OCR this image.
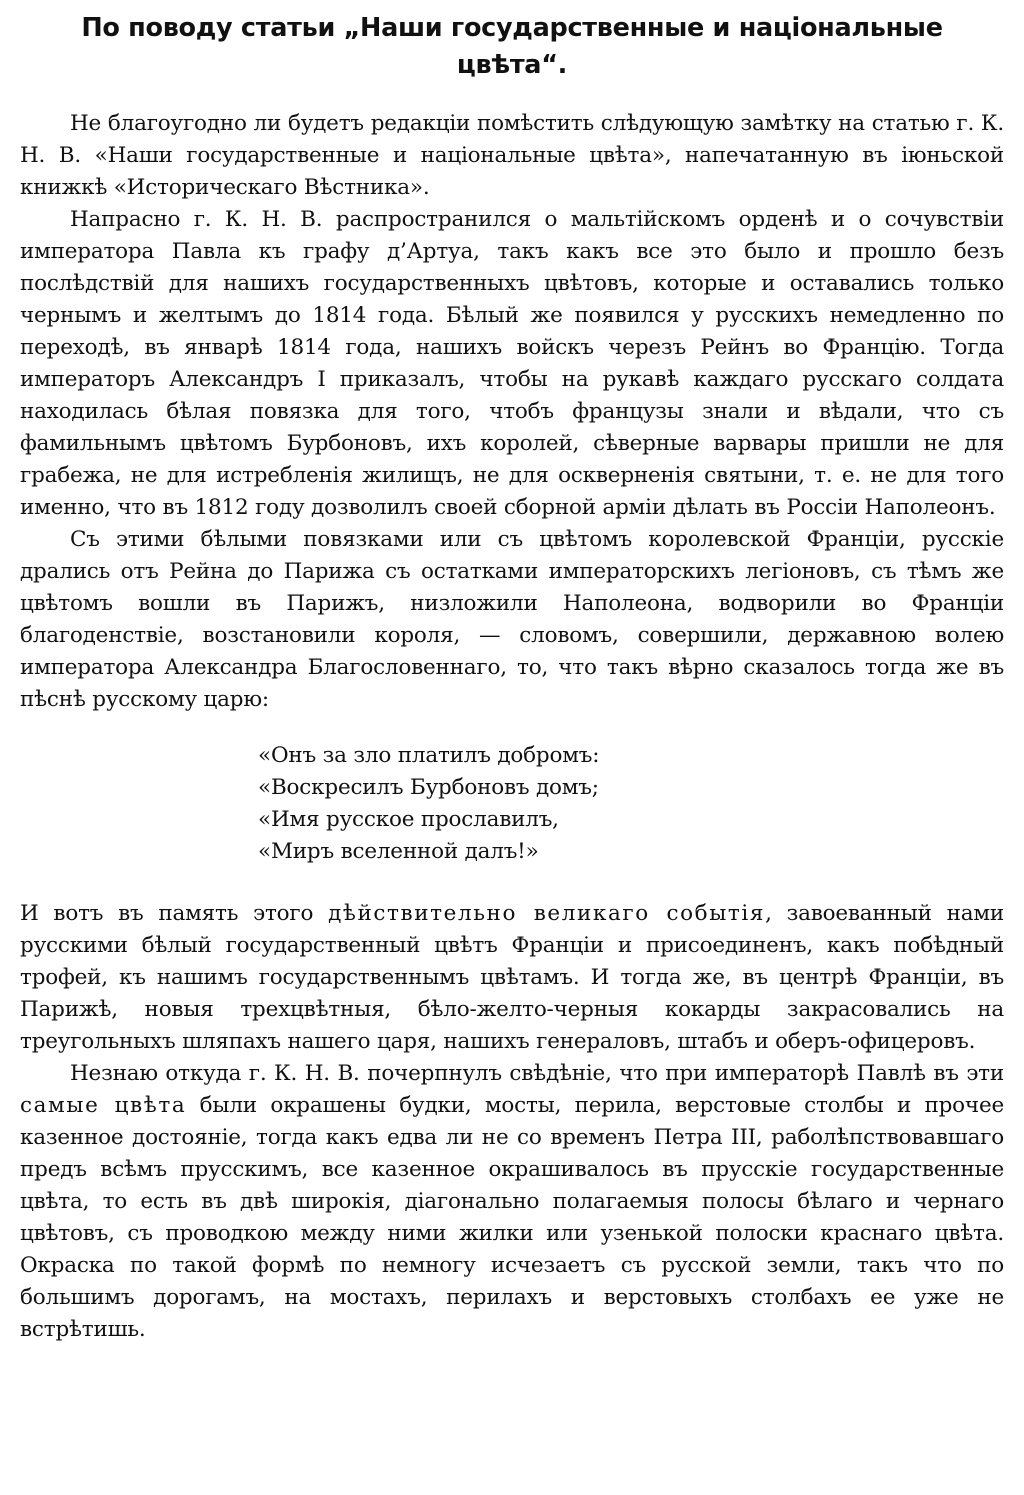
По поводу статьи „Наши государственные и національные цвѣта“.

Не благоугодно ли будетъ редакціи помѣстить слѣдующую замѣтку на статью г. К. Н. В. «Наши государственные и національные цвѣта», напечатанную въ іюньской книжкѣ «Историческаго Вѣстника».

Напрасно г. К. Н. В. распространился о мальтійскомъ орденѣ и о сочувствіи императора Павла къ графу д’Артуа, такъ какъ все это было и прошло безъ послѣдствій для нашихъ государственныхъ цвѣтовъ, которые и оставались только чернымъ и желтымъ до 1814 года. Бѣлый же появился у русскихъ немедленно по переходѣ, въ январѣ 1814 года, нашихъ войскъ черезъ Рейнъ во Францію. Тогда императоръ Александръ I приказалъ, чтобы на рукавѣ каждаго русскаго солдата находилась бѣлая повязка для того, чтобъ французы знали и вѣдали, что съ фамильнымъ цвѣтомъ Бурбоновъ, ихъ королей, сѣверные варвары пришли не для грабежа, не для истребленія жилищъ, не для оскверненія святыни, т. е. не для того именно, что въ 1812 году дозволилъ своей сборной арміи дѣлать въ Россіи Наполеонъ.

Съ этими бѣлыми повязками или съ цвѣтомъ королевской Франціи, русскіе дрались отъ Рейна до Парижа съ остатками императорскихъ легіоновъ, съ тѣмъ же цвѣтомъ вошли въ Парижъ, низложили Наполеона, водворили во Франціи благоденствіе, возстановили короля, — словомъ, совершили, державною волею императора Александра Благословеннаго, то, что такъ вѣрно сказалось тогда же въ пѣснѣ русскому царю:

«Онъ за зло платилъ добромъ:
«Воскресилъ Бурбоновъ домъ;
«Имя русское прославилъ,
«Миръ вселенной далъ!»

И вотъ въ память этого дѣйствительно великаго событія, завоеванный нами русскими бѣлый государственный цвѣтъ Франціи и присоединенъ, какъ побѣдный трофей, къ нашимъ государственнымъ цвѣтамъ. И тогда же, въ центрѣ Франціи, въ Парижѣ, новыя трехцвѣтныя, бѣло-желто-черныя кокарды закрасовались на треугольныхъ шляпахъ нашего царя, нашихъ генераловъ, штабъ и оберъ-офицеровъ.

Незнаю откуда г. К. Н. В. почерпнулъ свѣдѣніе, что при императорѣ Павлѣ въ эти самые цвѣта были окрашены будки, мосты, перила, верстовые столбы и прочее казенное достояніе, тогда какъ едва ли не со временъ Петра III, раболѣпствовавшаго предъ всѣмъ прусскимъ, все казенное окрашивалось въ прусскіе государственные цвѣта, то есть въ двѣ широкія, діагонально полагаемыя полосы бѣлаго и чернаго цвѣтовъ, съ проводкою между ними жилки или узенькой полоски краснаго цвѣта. Окраска по такой формѣ по немногу исчезаетъ съ русской земли, такъ что по большимъ дорогамъ, на мостахъ, перилахъ и верстовыхъ столбахъ ее уже не встрѣтишь.
